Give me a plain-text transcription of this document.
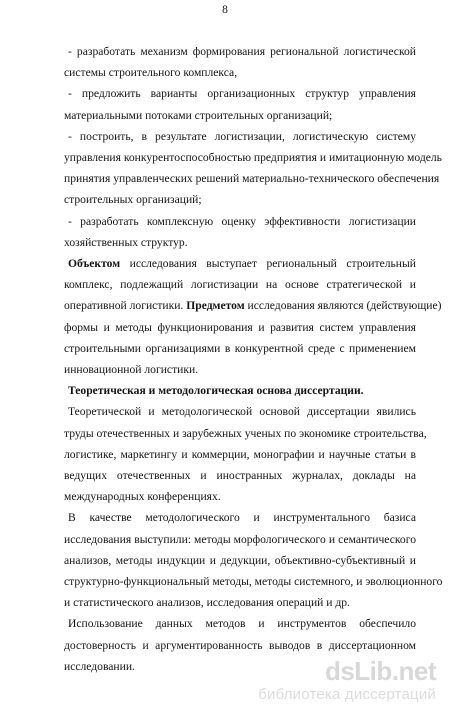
8

- разработать механизм формирования региональной логистической
системы строительного комплекса,

- предложить варианты организационных структур управления
материальными потоками строительных организаций;

- построить, в результате логистизации, логистическую систему
управления конкурентоспособностью предприятия и имитационную модель
принятия управленческих решений материально-технического обеспечения
строительных организаций;

- разработать комплексную оценку эффективности логистизации
хозяйственных структур.

Объектом исследования выступает региональный строительный
комплекс, подлежащий логистизации на основе стратегической и
оперативной логистики. Предметом исследования являются (действующие)
формы и методы функционирования и развития систем управления
строительными организациями в конкурентной среде с применением
инновационной логистики.

Теоретическая и методологическая основа диссертации.

Теоретической и методологической основой диссертации явились
труды отечественных и зарубежных ученых по экономике строительства,
логистике, маркетингу и коммерции, монографии и научные статьи в
ведущих отечественных и иностранных журналах, доклады на
международных конференциях.

В качестве методологического и инструментального базиса
исследования выступили: методы морфологического и семантического
анализов, методы индукции и дедукции, объективно-субъективный и
структурно-функциональный методы, методы системного, и эволюционного
и статистического анализов, исследования операций и др.

Использование данных методов и инструментов обеспечило
достоверность и аргументированность выводов в диссертационном
исследовании.	dsLib.net
библиотека диссертаций
